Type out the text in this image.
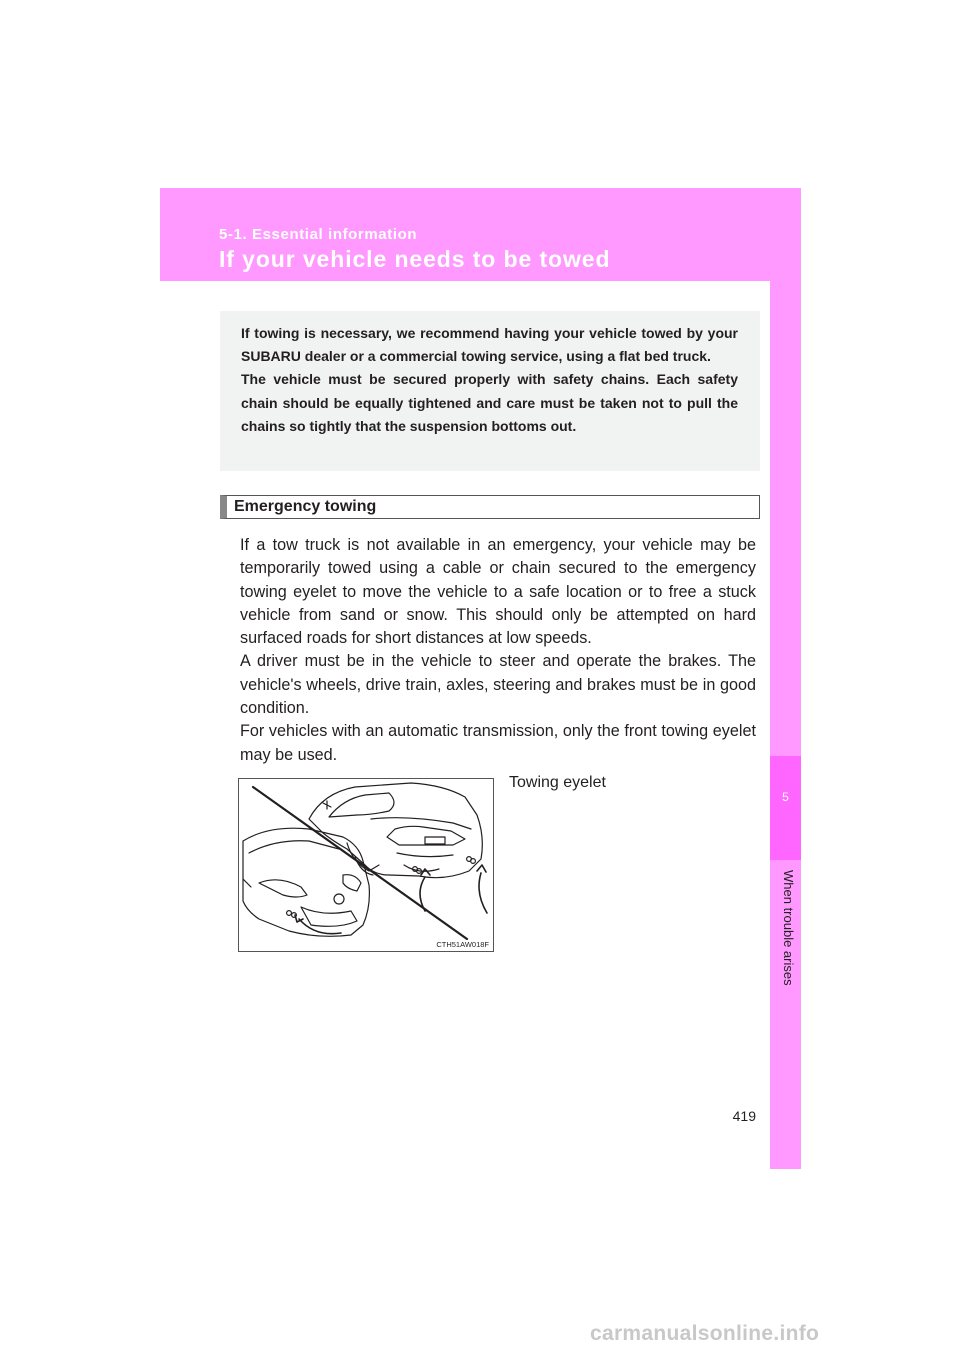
5-1. Essential information
If your vehicle needs to be towed
5
When trouble arises

If towing is necessary, we recommend having your vehicle towed by your SUBARU dealer or a commercial towing service, using a flat bed truck.

The vehicle must be secured properly with safety chains. Each safety chain should be equally tightened and care must be taken not to pull the chains so tightly that the suspension bottoms out.

Emergency towing
If a tow truck is not available in an emergency, your vehicle may be temporarily towed using a cable or chain secured to the emergency towing eyelet to move the vehicle to a safe location or to free a stuck vehicle from sand or snow. This should only be attempted on hard surfaced roads for short distances at low speeds.
A driver must be in the vehicle to steer and operate the brakes. The vehicle's wheels, drive train, axles, steering and brakes must be in good condition.
For vehicles with an automatic transmission, only the front towing eyelet may be used.
CTH51AW018F
Towing eyelet
419
carmanualsonline.info
